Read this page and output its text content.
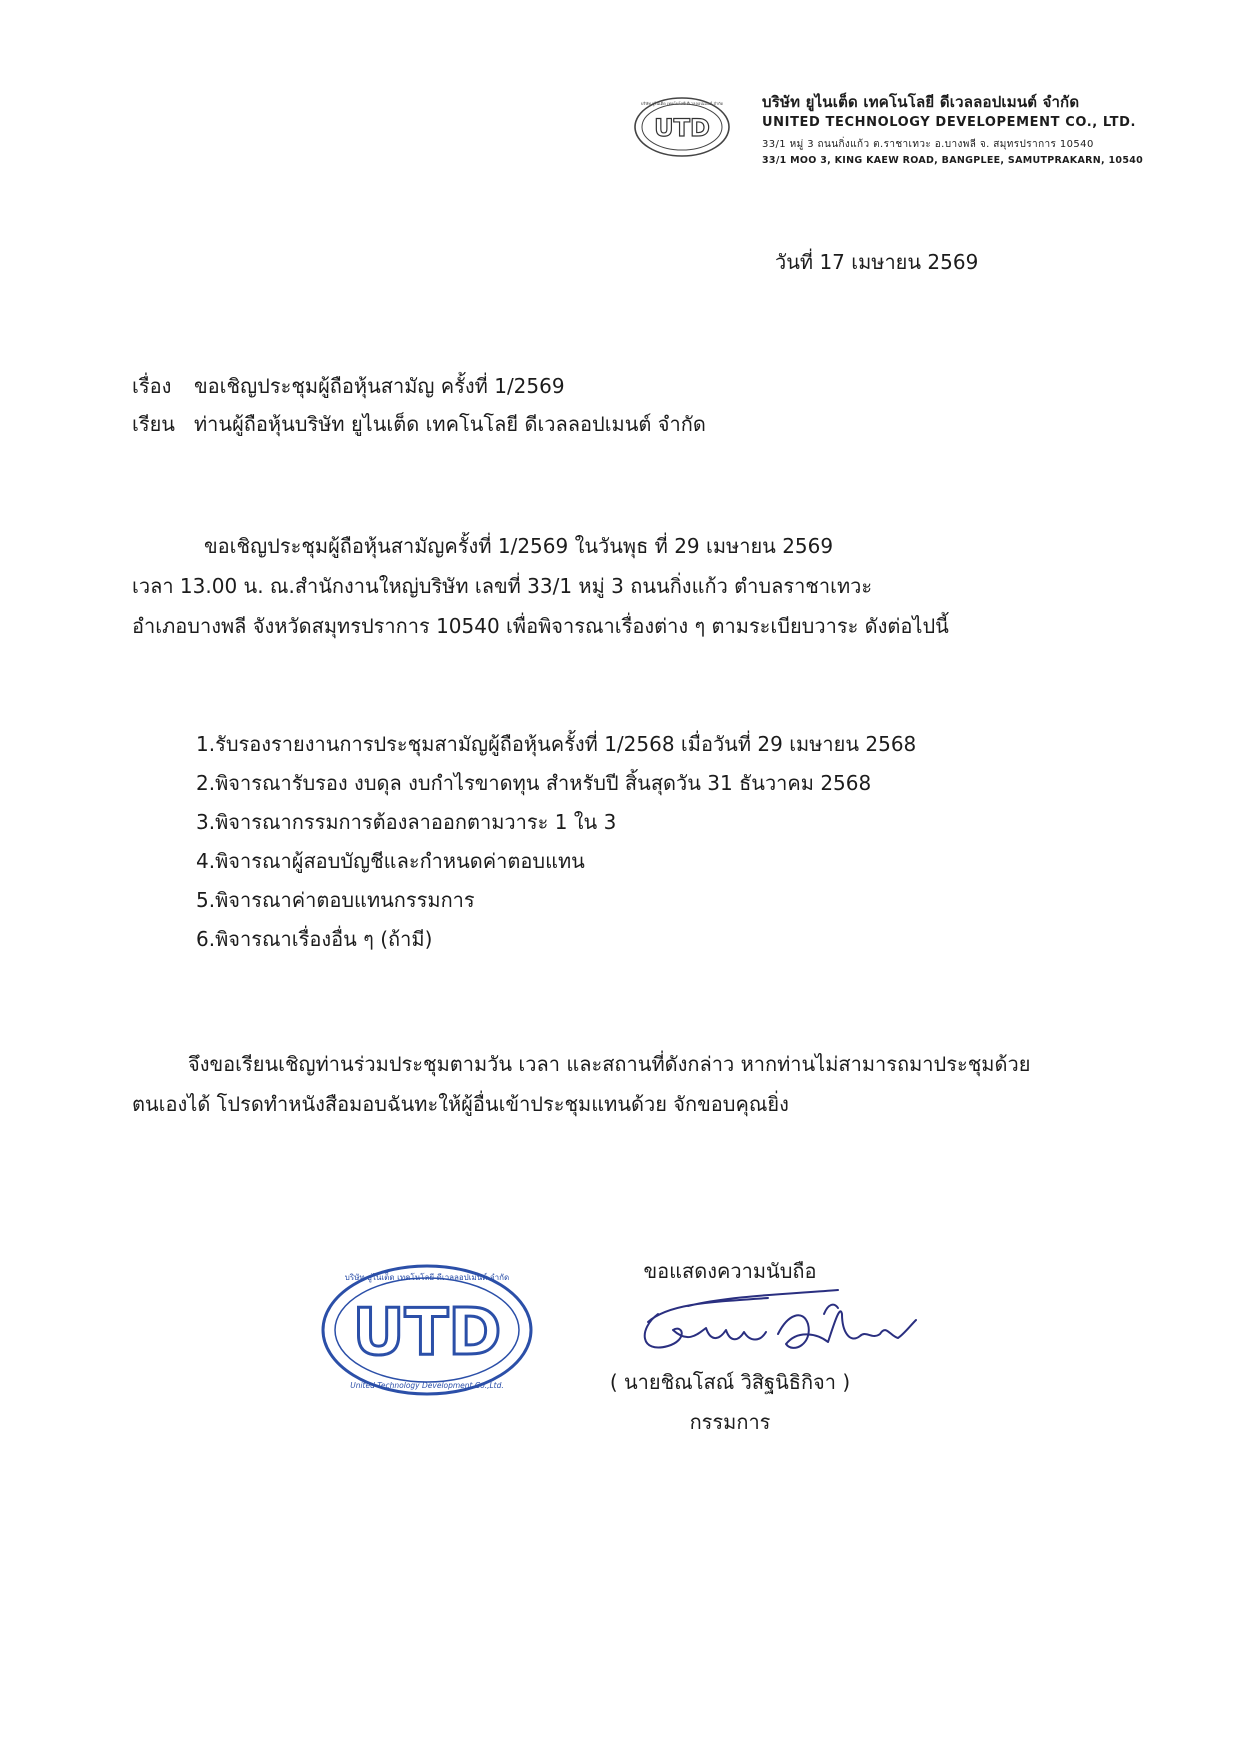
UTD
บริษัท ยูไนเต็ด เทคโนโลยี ดีเวลลอปเมนต์ จำกัด	บริษัท ยูไนเต็ด เทคโนโลยี ดีเวลลอปเมนต์ จำกัด
UNITED TECHNOLOGY DEVELOPEMENT CO., LTD.
33/1 หมู่ 3 ถนนกิ่งแก้ว ต.ราชาเทวะ อ.บางพลี จ. สมุทรปราการ 10540
33/1 MOO 3, KING KAEW ROAD, BANGPLEE, SAMUTPRAKARN, 10540
วันที่ 17 เมษายน 2569
เรื่อง ขอเชิญประชุมผู้ถือหุ้นสามัญ ครั้งที่ 1/2569
เรียน ท่านผู้ถือหุ้นบริษัท ยูไนเต็ด เทคโนโลยี ดีเวลลอปเมนต์ จำกัด
ขอเชิญประชุมผู้ถือหุ้นสามัญครั้งที่ 1/2569 ในวันพุธ ที่ 29 เมษายน 2569
เวลา 13.00 น. ณ.สำนักงานใหญ่บริษัท เลขที่ 33/1 หมู่ 3 ถนนกิ่งแก้ว ตำบลราชาเทวะ
อำเภอบางพลี จังหวัดสมุทรปราการ 10540 เพื่อพิจารณาเรื่องต่าง ๆ ตามระเบียบวาระ ดังต่อไปนี้
1.รับรองรายงานการประชุมสามัญผู้ถือหุ้นครั้งที่ 1/2568 เมื่อวันที่ 29 เมษายน 2568
2.พิจารณารับรอง งบดุล งบกำไรขาดทุน สำหรับปี สิ้นสุดวัน 31 ธันวาคม 2568
3.พิจารณากรรมการต้องลาออกตามวาระ 1 ใน 3
4.พิจารณาผู้สอบบัญชีและกำหนดค่าตอบแทน
5.พิจารณาค่าตอบแทนกรรมการ
6.พิจารณาเรื่องอื่น ๆ (ถ้ามี)
จึงขอเรียนเชิญท่านร่วมประชุมตามวัน เวลา และสถานที่ดังกล่าว หากท่านไม่สามารถมาประชุมด้วย
ตนเองได้ โปรดทำหนังสือมอบฉันทะให้ผู้อื่นเข้าประชุมแทนด้วย จักขอบคุณยิ่ง
บริษัท ยูไนเต็ด เทคโนโลยี ดีเวลลอปเมนต์ จำกัด
UTD
United Technology Development Co.,Ltd.
ขอแสดงความนับถือ
( นายชิณโสณ์ วิสิฐนิธิกิจา )
กรรมการ
